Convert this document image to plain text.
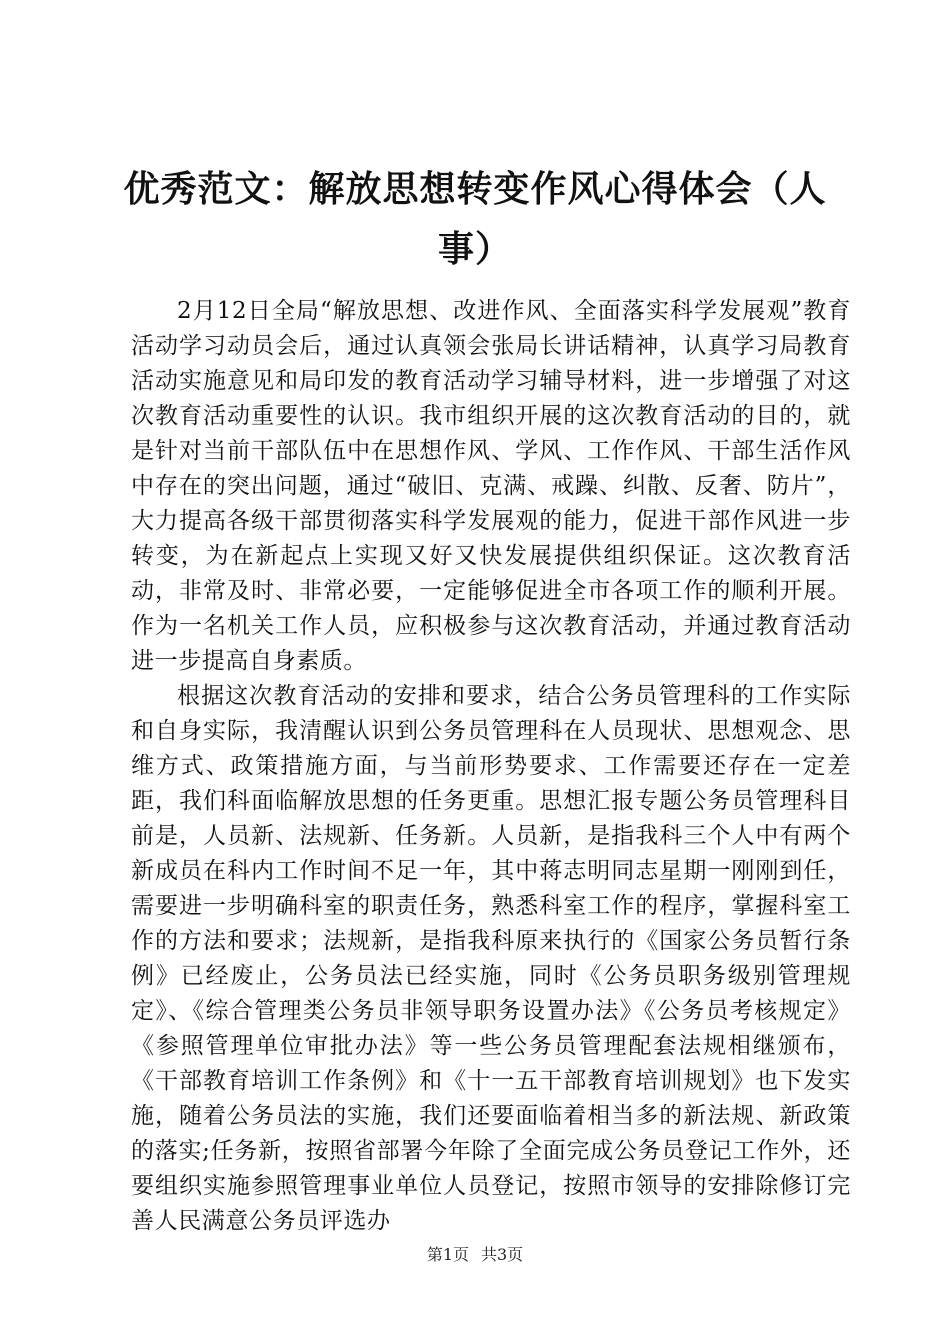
优秀范文：解放思想转变作风心得体会（人事）

2月12日全局“解放思想、改进作风、全面落实科学发展观”教育活动学习动员会后，通过认真领会张局长讲话精神，认真学习局教育活动实施意见和局印发的教育活动学习辅导材料，进一步增强了对这次教育活动重要性的认识。我市组织开展的这次教育活动的目的，就是针对当前干部队伍中在思想作风、学风、工作作风、干部生活作风中存在的突出问题，通过“破旧、克满、戒躁、纠散、反奢、防片”，大力提高各级干部贯彻落实科学发展观的能力，促进干部作风进一步转变，为在新起点上实现又好又快发展提供组织保证。这次教育活动，非常及时、非常必要，一定能够促进全市各项工作的顺利开展。作为一名机关工作人员，应积极参与这次教育活动，并通过教育活动进一步提高自身素质。

根据这次教育活动的安排和要求，结合公务员管理科的工作实际和自身实际，我清醒认识到公务员管理科在人员现状、思想观念、思维方式、政策措施方面，与当前形势要求、工作需要还存在一定差距，我们科面临解放思想的任务更重。思想汇报专题公务员管理科目前是，人员新、法规新、任务新。人员新，是指我科三个人中有两个新成员在科内工作时间不足一年，其中蒋志明同志星期一刚刚到任，需要进一步明确科室的职责任务，熟悉科室工作的程序，掌握科室工作的方法和要求；法规新，是指我科原来执行的《国家公务员暂行条例》已经废止，公务员法已经实施，同时《公务员职务级别管理规定》、《综合管理类公务员非领导职务设置办法》《公务员考核规定》《参照管理单位审批办法》等一些公务员管理配套法规相继颁布，《干部教育培训工作条例》和《十一五干部教育培训规划》也下发实施，随着公务员法的实施，我们还要面临着相当多的新法规、新政策的落实;任务新，按照省部署今年除了全面完成公务员登记工作外，还要组织实施参照管理事业单位人员登记，按照市领导的安排除修订完善人民满意公务员评选办

第1页 共3页
